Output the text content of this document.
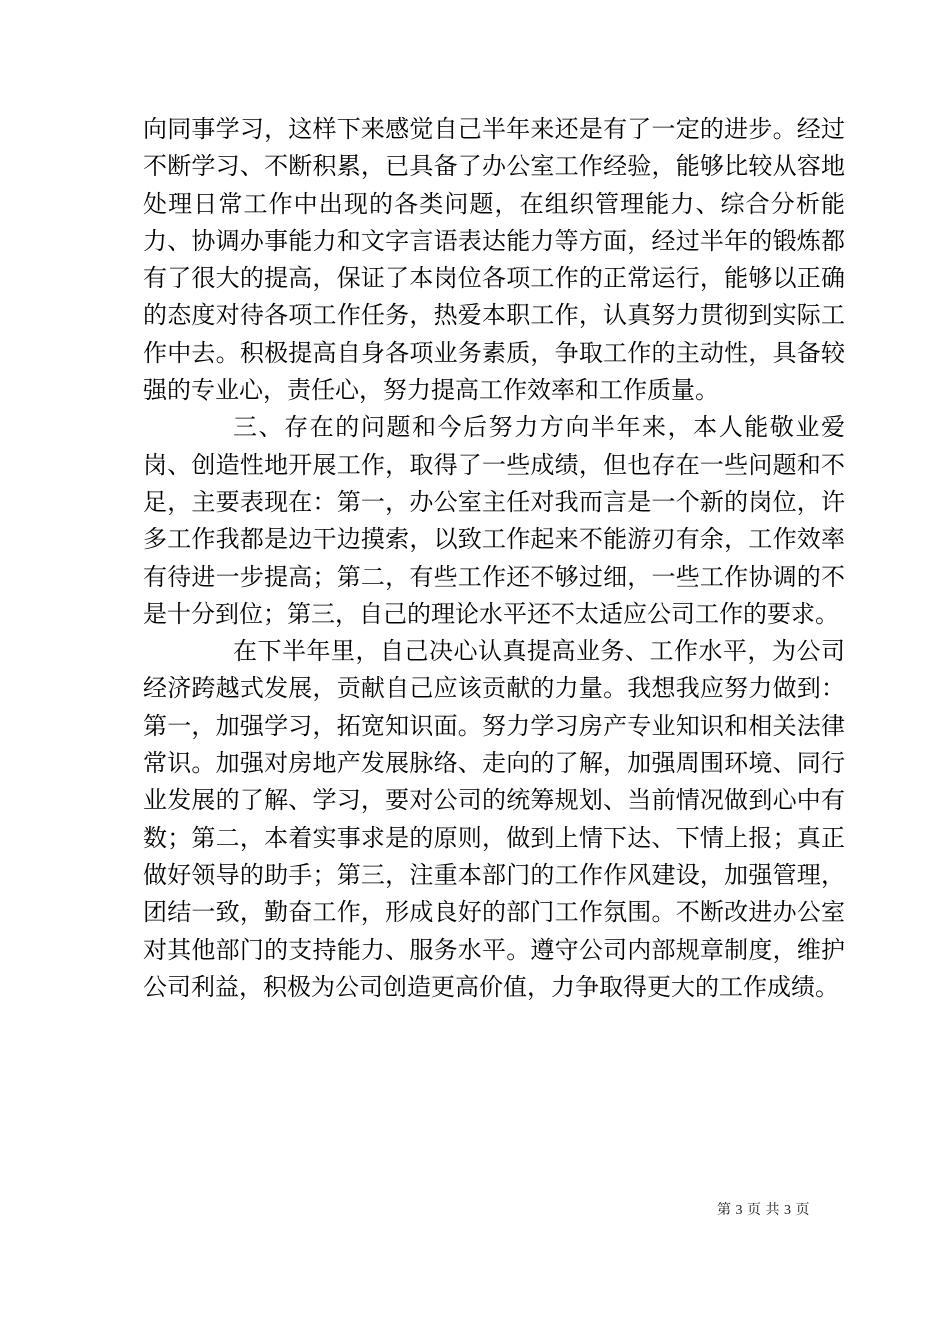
向同事学习，这样下来感觉自己半年来还是有了一定的进步。经过不断学习、不断积累，已具备了办公室工作经验，能够比较从容地处理日常工作中出现的各类问题，在组织管理能力、综合分析能力、协调办事能力和文字言语表达能力等方面，经过半年的锻炼都有了很大的提高，保证了本岗位各项工作的正常运行，能够以正确的态度对待各项工作任务，热爱本职工作，认真努力贯彻到实际工作中去。积极提高自身各项业务素质，争取工作的主动性，具备较强的专业心，责任心，努力提高工作效率和工作质量。

三、存在的问题和今后努力方向半年来，本人能敬业爱岗、创造性地开展工作，取得了一些成绩，但也存在一些问题和不足，主要表现在：第一，办公室主任对我而言是一个新的岗位，许多工作我都是边干边摸索，以致工作起来不能游刃有余，工作效率有待进一步提高；第二，有些工作还不够过细，一些工作协调的不是十分到位；第三，自己的理论水平还不太适应公司工作的要求。

在下半年里，自己决心认真提高业务、工作水平，为公司经济跨越式发展，贡献自己应该贡献的力量。我想我应努力做到：第一，加强学习，拓宽知识面。努力学习房产专业知识和相关法律常识。加强对房地产发展脉络、走向的了解，加强周围环境、同行业发展的了解、学习，要对公司的统筹规划、当前情况做到心中有数；第二，本着实事求是的原则，做到上情下达、下情上报；真正做好领导的助手；第三，注重本部门的工作作风建设，加强管理，团结一致，勤奋工作，形成良好的部门工作氛围。不断改进办公室对其他部门的支持能力、服务水平。遵守公司内部规章制度，维护公司利益，积极为公司创造更高价值，力争取得更大的工作成绩。

第 3 页 共 3 页
